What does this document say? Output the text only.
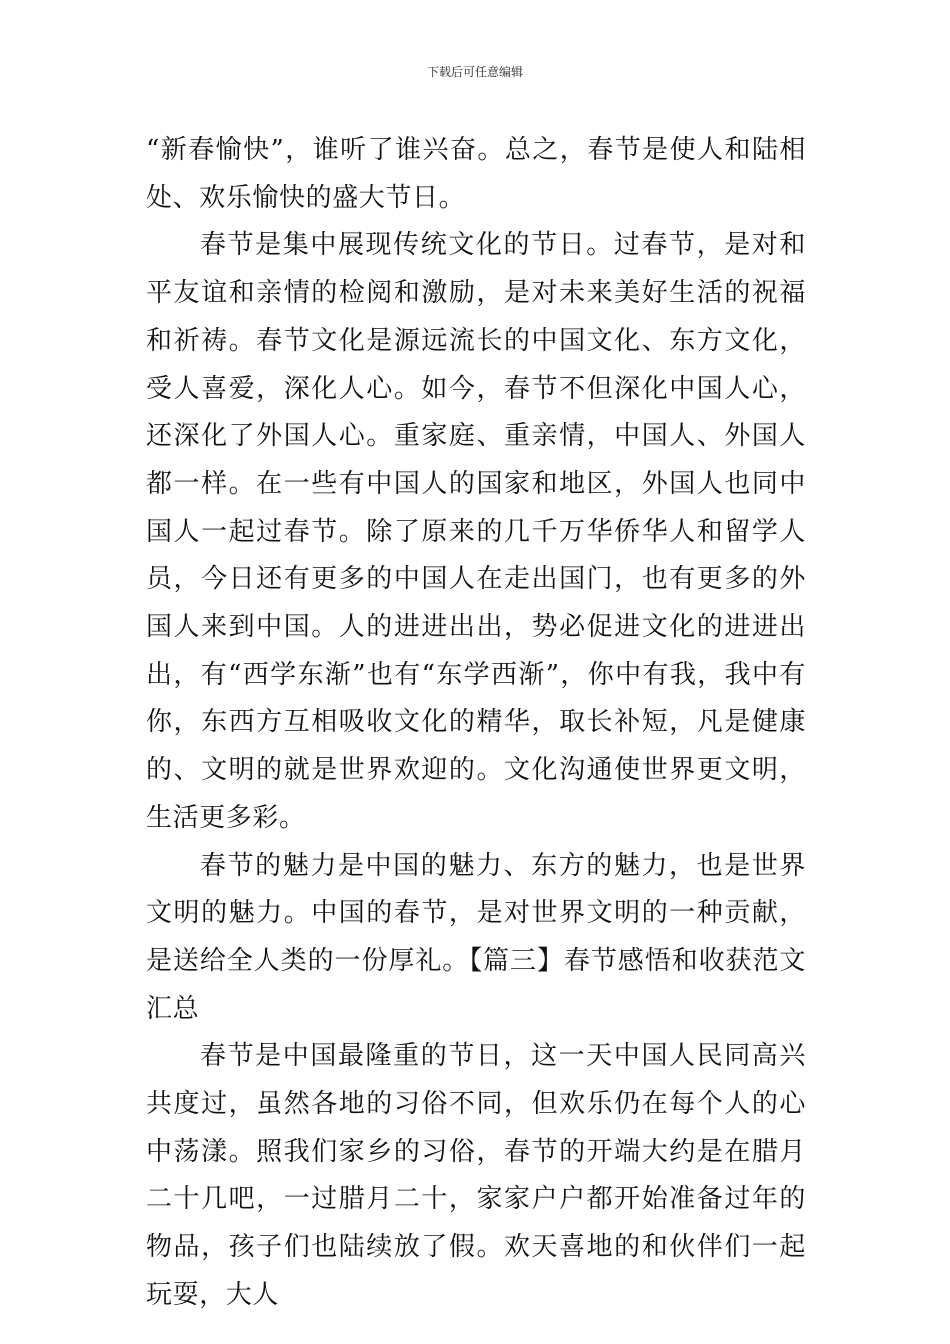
下载后可任意编辑

“新春愉快”，谁听了谁兴奋。总之，春节是使人和陆相处、欢乐愉快的盛大节日。

春节是集中展现传统文化的节日。过春节，是对和平友谊和亲情的检阅和激励，是对未来美好生活的祝福和祈祷。春节文化是源远流长的中国文化、东方文化，受人喜爱，深化人心。如今，春节不但深化中国人心，还深化了外国人心。重家庭、重亲情，中国人、外国人都一样。在一些有中国人的国家和地区，外国人也同中国人一起过春节。除了原来的几千万华侨华人和留学人员，今日还有更多的中国人在走出国门，也有更多的外国人来到中国。人的进进出出，势必促进文化的进进出出，有“西学东渐”也有“东学西渐”，你中有我，我中有你，东西方互相吸收文化的精华，取长补短，凡是健康的、文明的就是世界欢迎的。文化沟通使世界更文明，生活更多彩。

春节的魅力是中国的魅力、东方的魅力，也是世界文明的魅力。中国的春节，是对世界文明的一种贡献，是送给全人类的一份厚礼。【篇三】春节感悟和收获范文汇总

春节是中国最隆重的节日，这一天中国人民同高兴共度过，虽然各地的习俗不同，但欢乐仍在每个人的心中荡漾。照我们家乡的习俗，春节的开端大约是在腊月二十几吧，一过腊月二十，家家户户都开始准备过年的物品，孩子们也陆续放了假。欢天喜地的和伙伴们一起玩耍，大人
